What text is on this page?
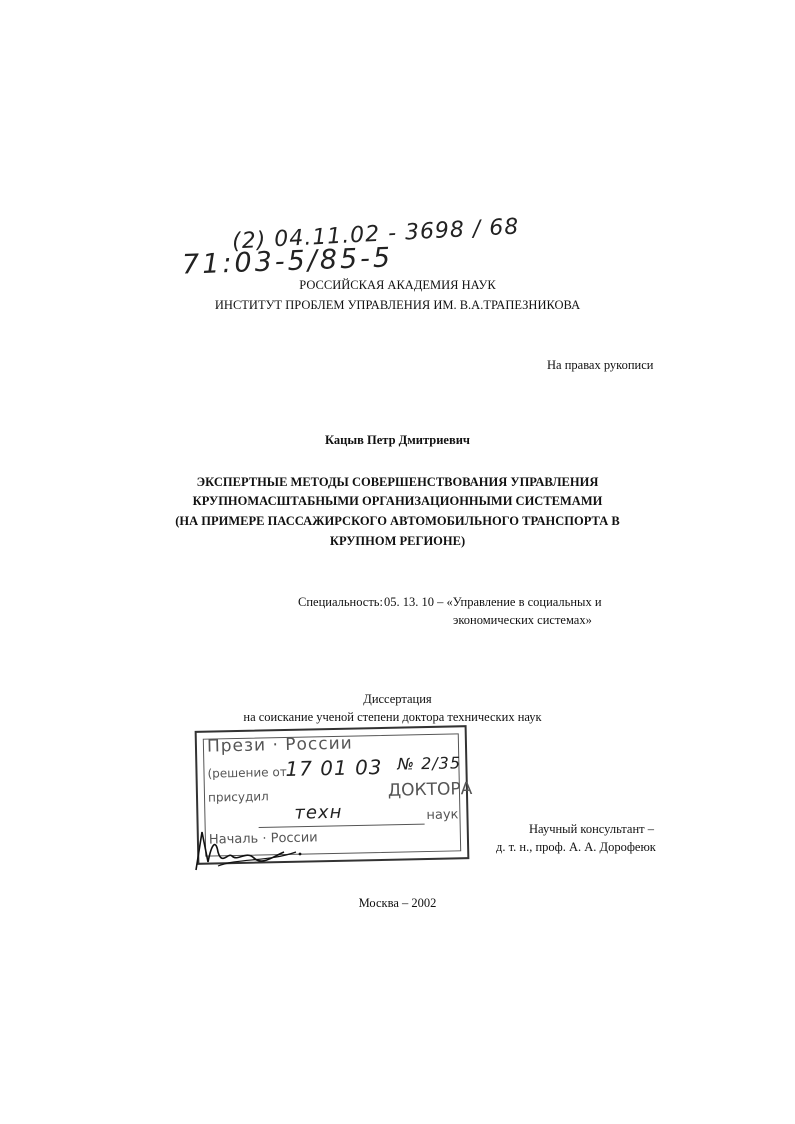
(2) 04.11.02 - 3698 / 68
71:03-5/85-5
РОССИЙСКАЯ АКАДЕМИЯ НАУК
ИНСТИТУТ ПРОБЛЕМ УПРАВЛЕНИЯ ИМ. В.А.ТРАПЕЗНИКОВА
На правах рукописи
Кацыв Петр Дмитриевич
ЭКСПЕРТНЫЕ МЕТОДЫ СОВЕРШЕНСТВОВАНИЯ УПРАВЛЕНИЯ
КРУПНОМАСШТАБНЫМИ ОРГАНИЗАЦИОННЫМИ СИСТЕМАМИ
(НА ПРИМЕРЕ ПАССАЖИРСКОГО АВТОМОБИЛЬНОГО ТРАНСПОРТА В
КРУПНОМ РЕГИОНЕ)
Специальность: 05. 13. 10 – «Управление в социальных и
экономических системах»
Диссертация
на соискание ученой степени доктора технических наук
Прези · России
(решение от
17 01 03 № 2/35
присудил	ДОКТОРА
техн	наук
Началь · России
Научный консультант –
д. т. н., проф. А. А. Дорофеюк
Москва – 2002
